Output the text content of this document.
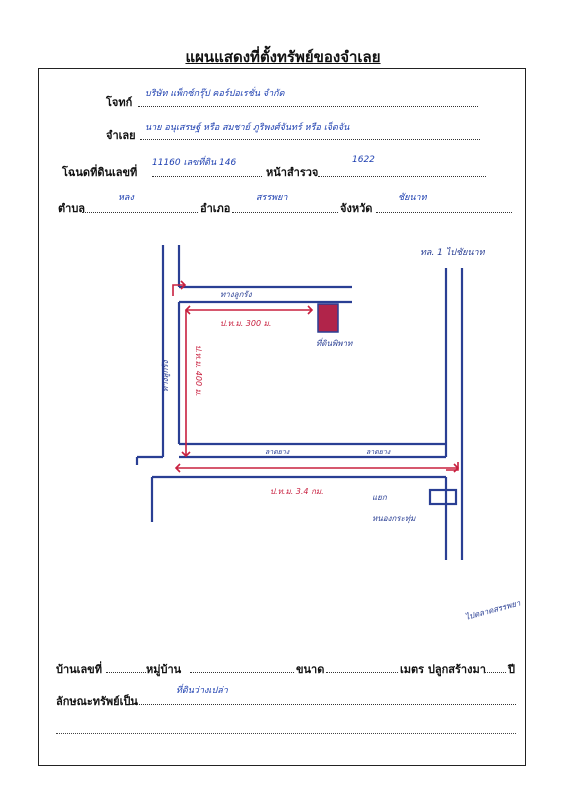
แผนแสดงที่ตั้งทรัพย์ของจำเลย
โจทก์
บริษัท แพ็กซ์กรุ๊ป คอร์ปอเรชั่น จำกัด
จำเลย
นาย อนุเสรษฐ์ หรือ สมชาย์ ภูริพงศ์จันทร์ หรือ เจ็ดจัน
โฉนดที่ดินเลขที่
11160 เลขที่ดิน 146
หน้าสำรวจ
1622
ตำบล
หลง
อำเภอ
สรรพยา
จังหวัด
ชัยนาท
ทล. 1 ไปชัยนาท
ทางลูกรัง
ที่ดินพิพาท
ป.ท.ม. 300 ม.
ป.ท.ม. 400 ม.
ทางลูกรัง
ลาดยาง	ลาดยาง
ป.ท.ม. 3.4 กม.
แยก
หนองกระทุ่ม
ไปตลาดสรรพยา
บ้านเลขที่	หมู่บ้าน	ขนาด	เมตร ปลูกสร้างมา ปี
ลักษณะทรัพย์เป็น
ที่ดินว่างเปล่า
